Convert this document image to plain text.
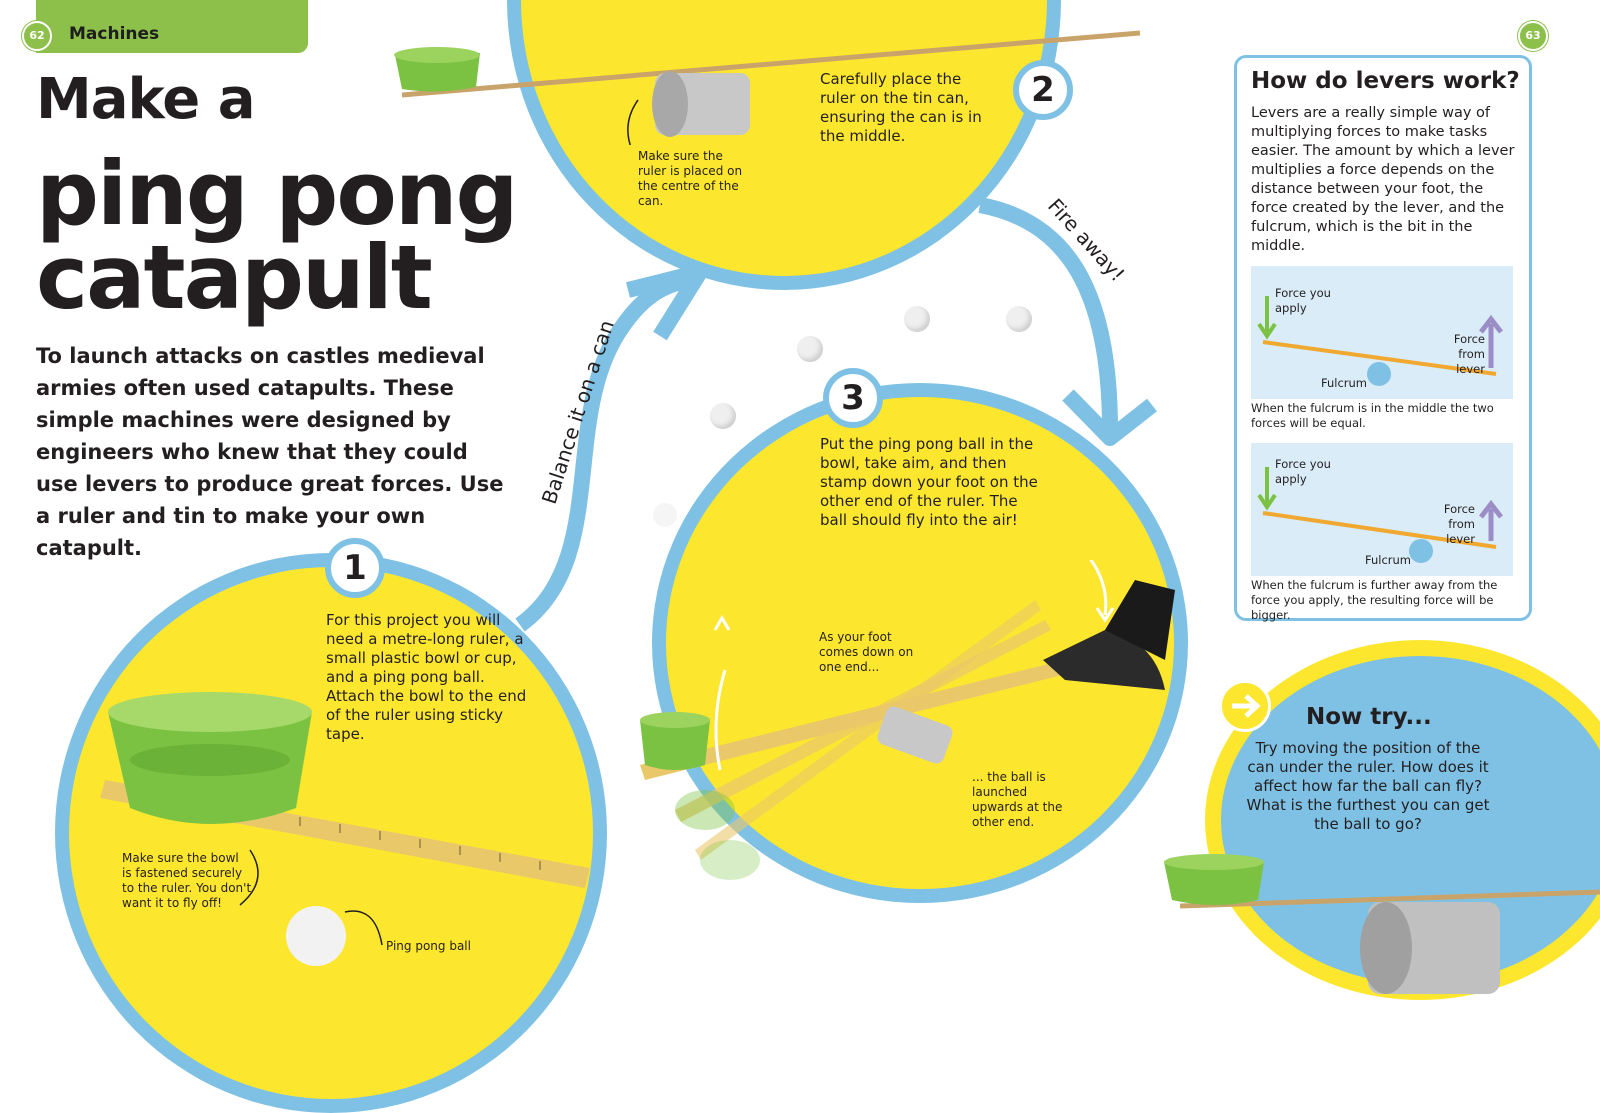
62	Machines	63
Make a
ping pong
catapult
To launch attacks on castles medieval armies often used catapults. These simple machines were designed by engineers who knew that they could use levers to produce great forces. Use a ruler and tin to make your own catapult.
Balance it on a can
Fire away!
Carefully place the ruler on the tin can, ensuring the can is in the middle.
Make sure the ruler is placed on the centre of the can.
2
For this project you will need a metre-long ruler, a small plastic bowl or cup, and a ping pong ball. Attach the bowl to the end of the ruler using sticky tape.
Make sure the bowl is fastened securely to the ruler. You don't want it to fly off!
Ping pong ball
1
Put the ping pong ball in the bowl, take aim, and then stamp down your foot on the other end of the ruler. The ball should fly into the air!
As your foot comes down on one end...
... the ball is launched upwards at the other end.
3
How do levers work?
Levers are a really simple way of multiplying forces to make tasks easier. The amount by which a lever multiplies a force depends on the distance between your foot, the force created by the lever, and the fulcrum, which is the bit in the middle.
Force you apply
Force from lever
Fulcrum
When the fulcrum is in the middle the two forces will be equal.
Force you apply
Force from lever
Fulcrum
When the fulcrum is further away from the force you apply, the resulting force will be bigger.
Now try...
Try moving the position of the can under the ruler. How does it affect how far the ball can fly? What is the furthest you can get the ball to go?
